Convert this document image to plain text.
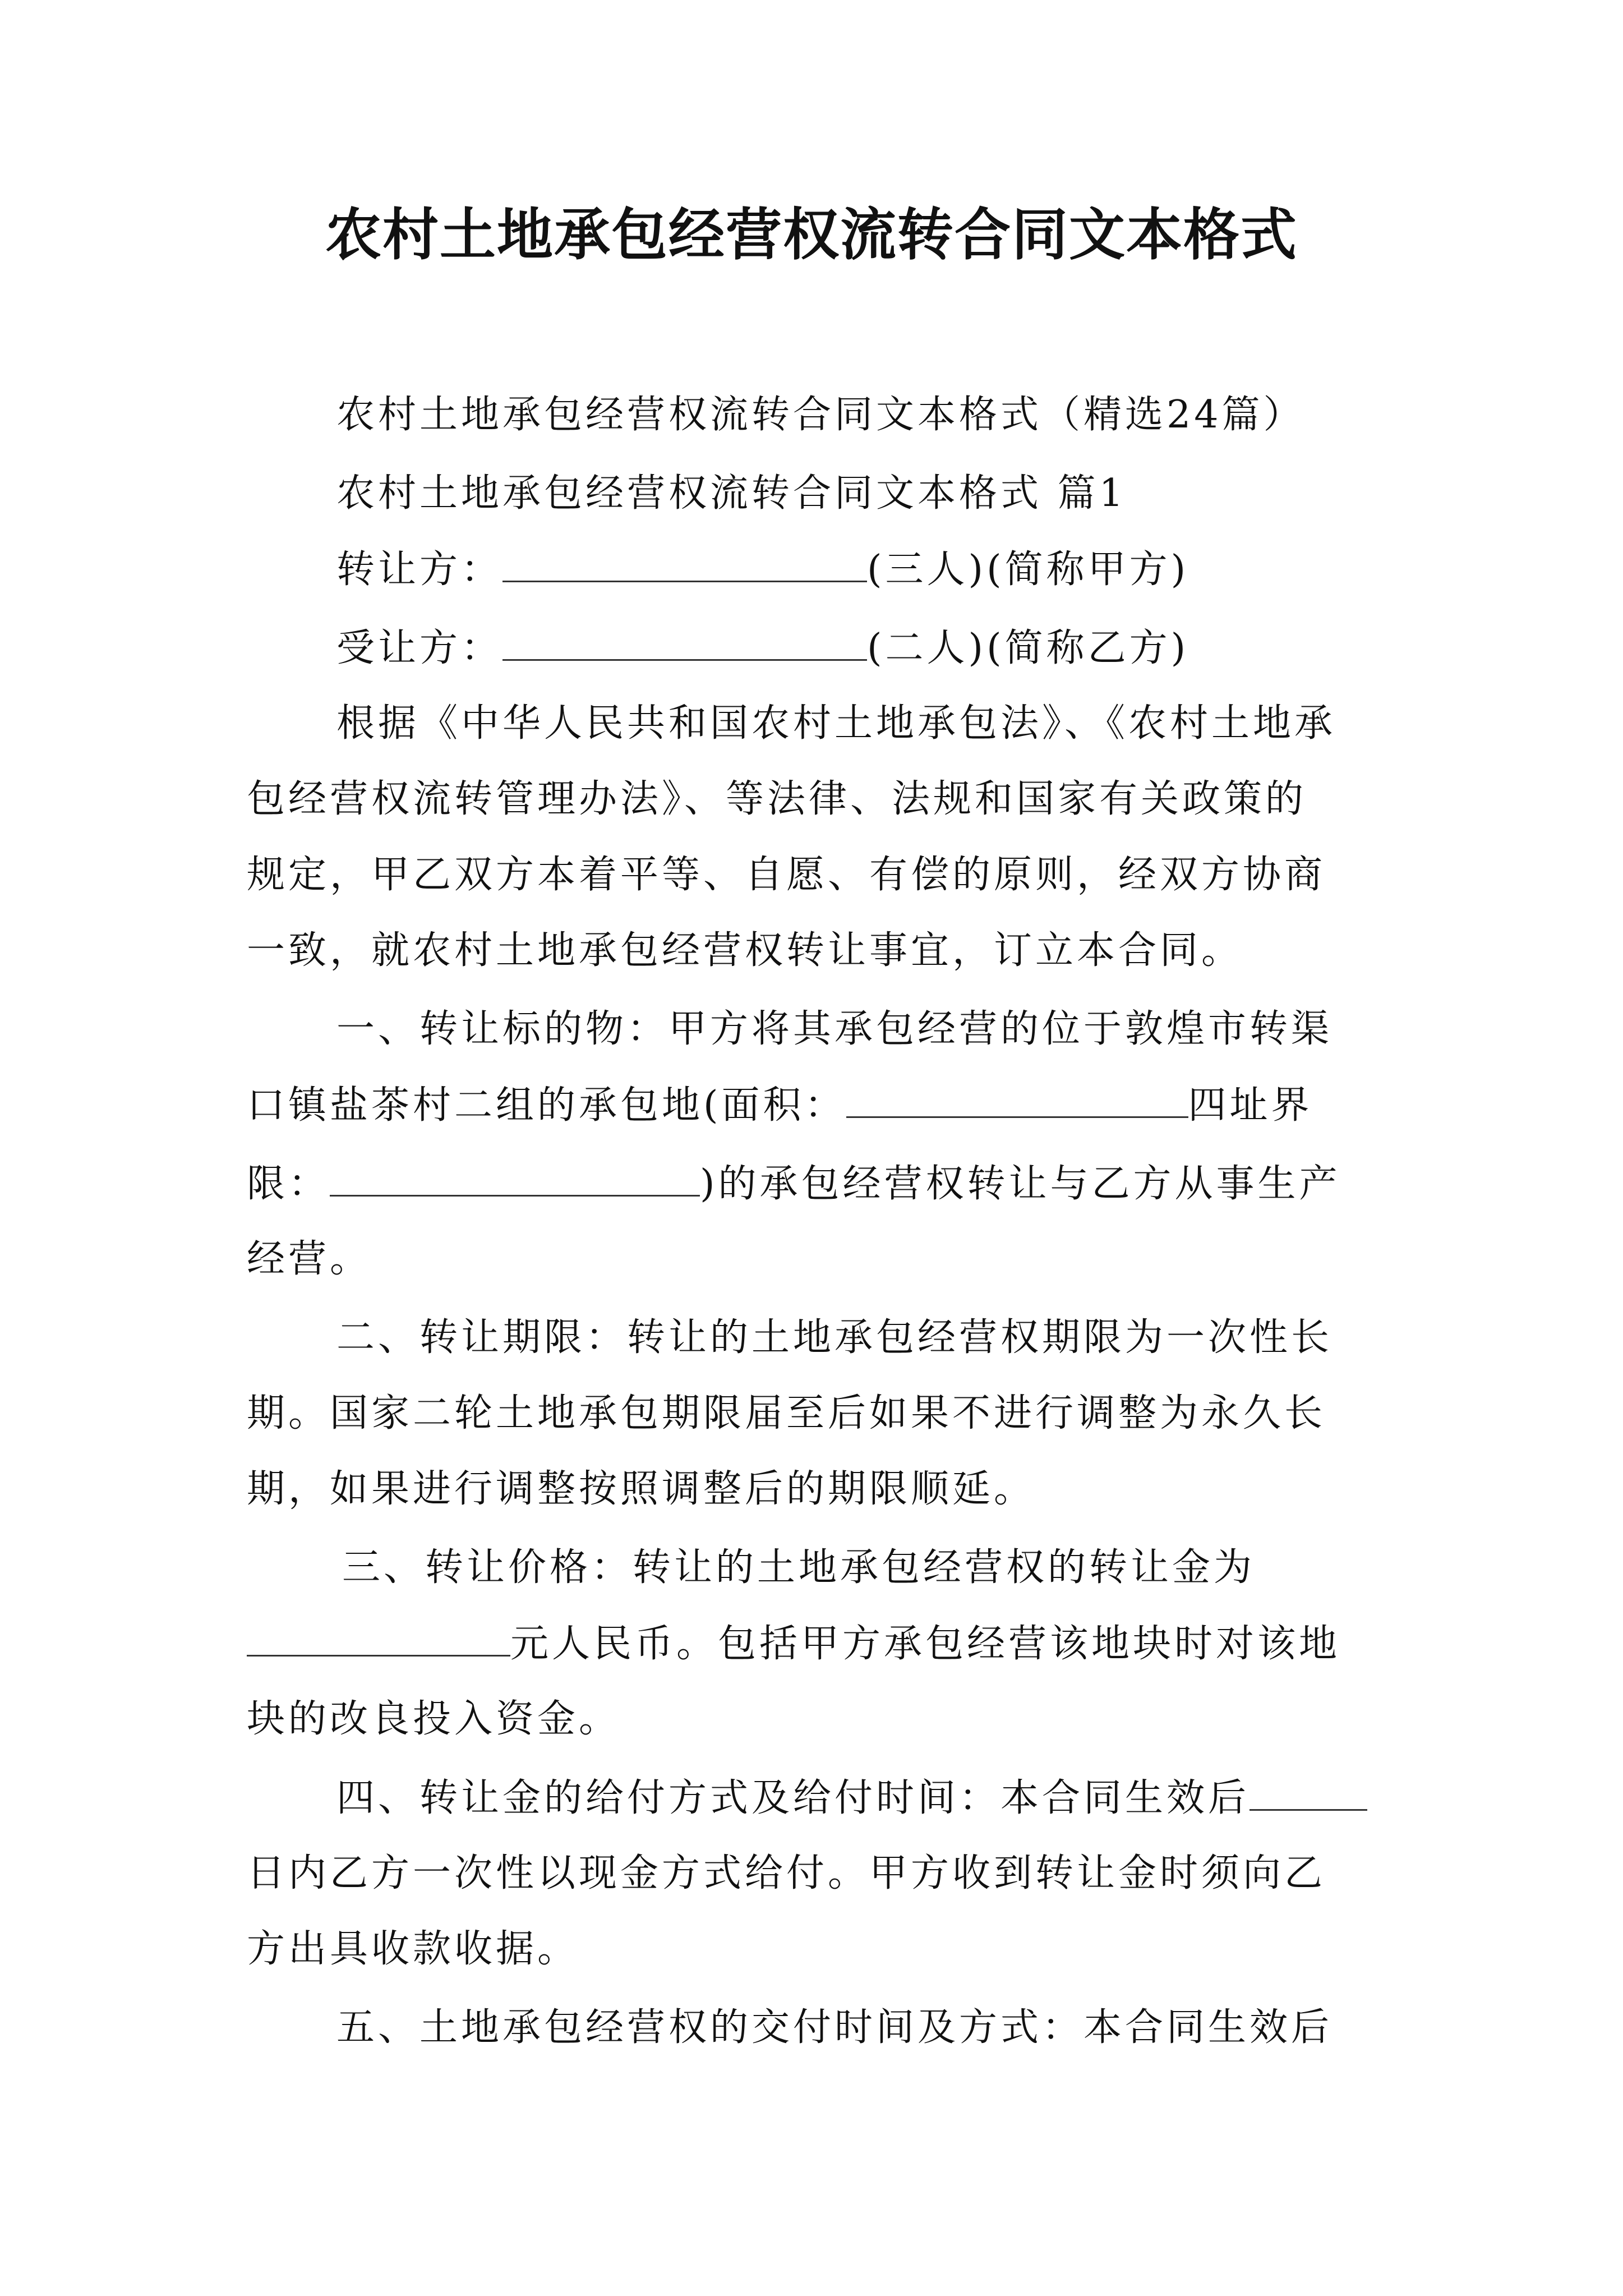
农村土地承包经营权流转合同文本格式

农村土地承包经营权流转合同文本格式（精选24篇）

农村土地承包经营权流转合同文本格式 篇1

转让方：	(三人)(简称甲方)

受让方：	(二人)(简称乙方)

根据《中华人民共和国农村土地承包法》、《农村土地承

包经营权流转管理办法》、等法律、法规和国家有关政策的

规定，甲乙双方本着平等、自愿、有偿的原则，经双方协商

一致，就农村土地承包经营权转让事宜，订立本合同。

一、转让标的物：甲方将其承包经营的位于敦煌市转渠

口镇盐茶村二组的承包地(面积：	四址界

限：	)的承包经营权转让与乙方从事生产

经营。

二、转让期限：转让的土地承包经营权期限为一次性长

期。国家二轮土地承包期限届至后如果不进行调整为永久长

期，如果进行调整按照调整后的期限顺延。

三、转让价格：转让的土地承包经营权的转让金为

元人民币。包括甲方承包经营该地块时对该地

块的改良投入资金。

四、转让金的给付方式及给付时间：本合同生效后

日内乙方一次性以现金方式给付。甲方收到转让金时须向乙

方出具收款收据。

五、土地承包经营权的交付时间及方式：本合同生效后
